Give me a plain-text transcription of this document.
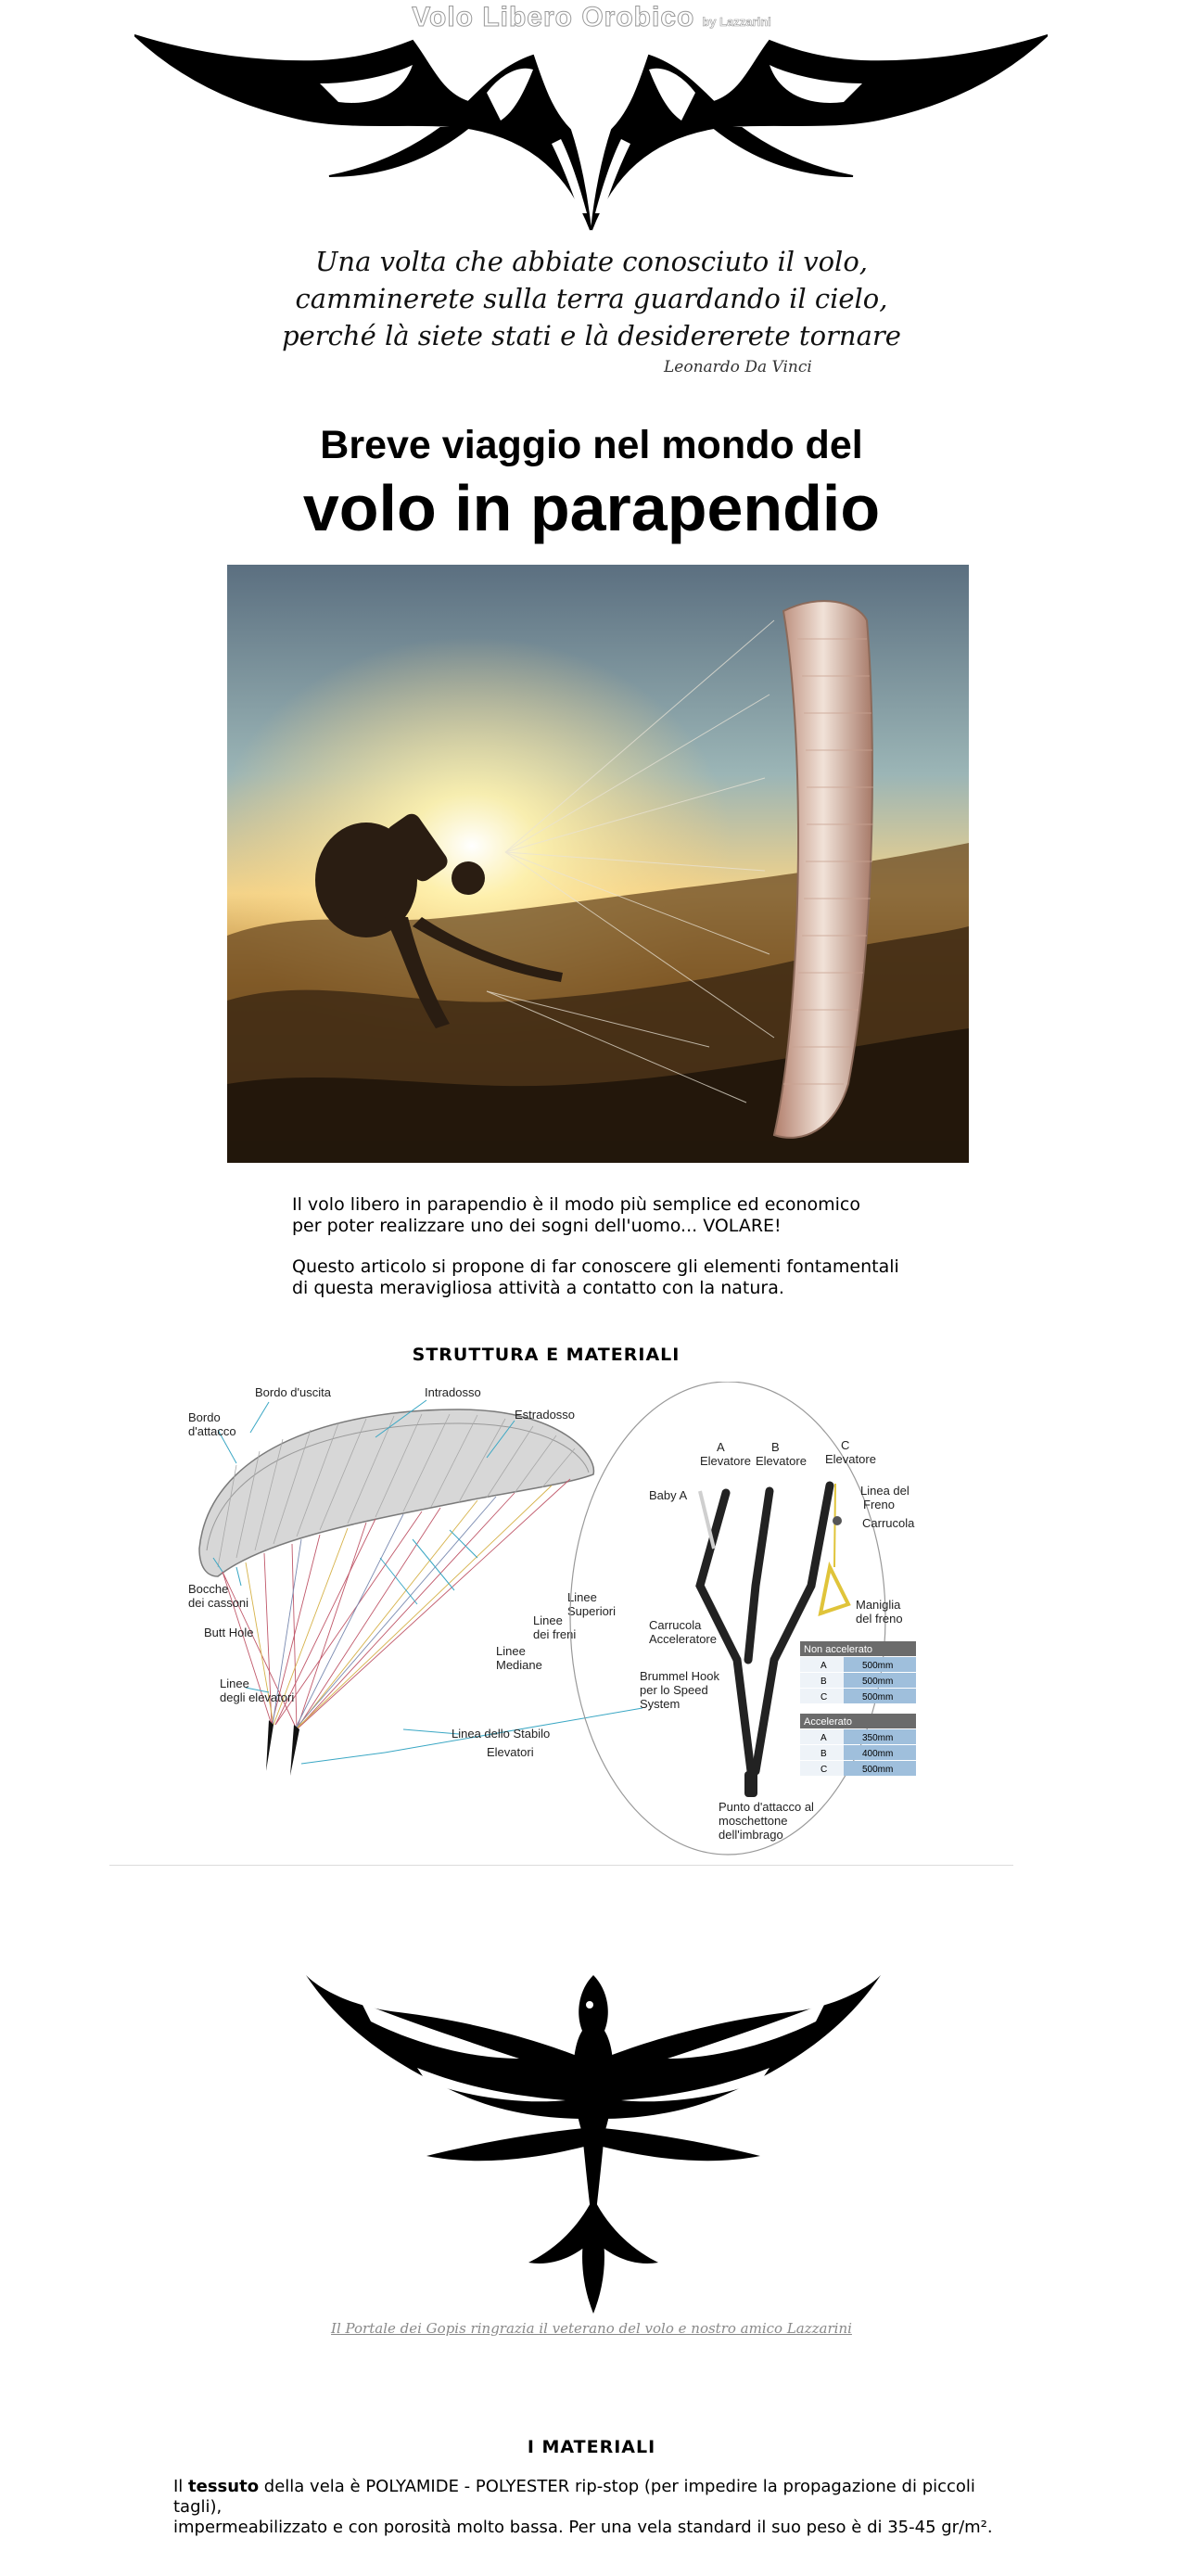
Volo Libero Orobico by Lazzarini
Una volta che abbiate conosciuto il volo,
camminerete sulla terra guardando il cielo,
perché là siete stati e là desidererete tornare
Leonardo Da Vinci
Breve viaggio nel mondo del
volo in parapendio

Il volo libero in parapendio è il modo più semplice ed economico
per poter realizzare uno dei sogni dell'uomo... VOLARE!

Questo articolo si propone di far conoscere gli elementi fontamentali
di questa meravigliosa attività a contatto con la natura.

STRUTTURA E MATERIALI
Bordo d'uscita	Intradosso
Bordo
d'attacco
Estradosso
Bocche
dei cassoni
Butt Hole
Linee
Superiori
Linee
dei freni
Linee
Mediane
Linee
degli elevatori
Linea dello Stabilo
Elevatori
A
Elevatore
B
Elevatore
C
Elevatore
Baby A	Linea del
Freno
Carrucola
Maniglia
del freno
Carrucola
Acceleratore
Brummel Hook
per lo Speed
System
Punto d'attacco al
moschettone
dell'imbrago
Non accelerato
A	500mm
B	500mm
C	500mm
Accelerato
A	350mm
B	400mm
C	500mm
Il Portale dei Gopis ringrazia il veterano del volo e nostro amico Lazzarini
I MATERIALI
Il tessuto della vela è POLYAMIDE - POLYESTER rip-stop (per impedire la propagazione di piccoli tagli),
impermeabilizzato e con porosità molto bassa. Per una vela standard il suo peso è di 35-45 gr/m².
